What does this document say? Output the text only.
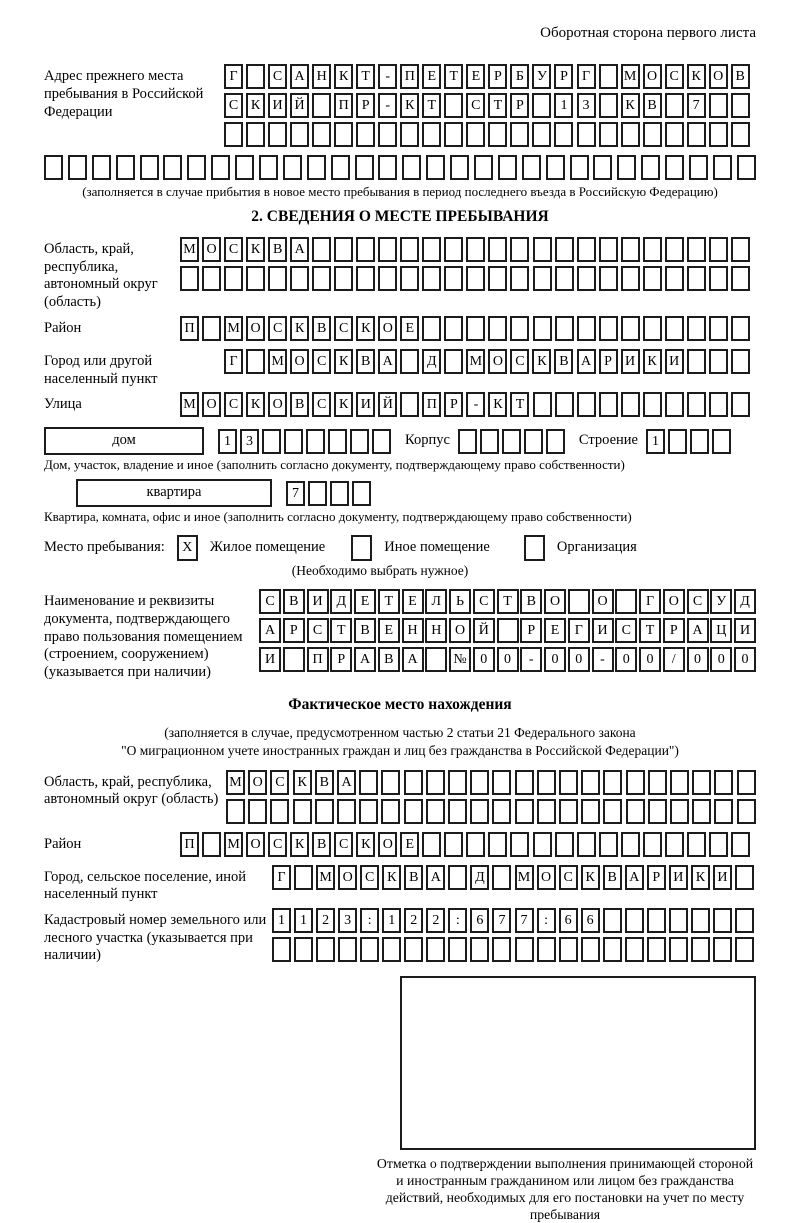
Оборотная сторона первого листа
Адрес прежнего места пребывания в Российской Федерации
Г	С А Н К Т	-	П Е Т Е Р	Б У Р	Г	М О С К О В
С К И Й	П Р	-	К Т	С Т Р	1	3	К В	7
(заполняется в случае прибытия в новое место пребывания в период последнего въезда в Российскую Федерацию)
2. СВЕДЕНИЯ О МЕСТЕ ПРЕБЫВАНИЯ
Область, край, республика, автономный округ (область)
М О С К В А
Район	П	М О С К В С К О Е
Город или другой населенный пункт
Г	М О С К В А	Д	М О С К В А Р И К И
Улица	М О С К О В С К И Й	П Р	-	К Т
дом	1	3	Корпус	Строение	1
Дом, участок, владение и иное (заполнить согласно документу, подтверждающему право собственности)
квартира	7
Квартира, комната, офис и иное (заполнить согласно документу, подтверждающему право собственности)
Место пребывания:	X	Жилое помещение	Иное помещение	Организация
(Необходимо выбрать нужное)
Наименование и реквизиты документа, подтверждающего право пользования помещением (строением, сооружением) (указывается при наличии)
С	В	И Д	Е	Т	Е	Л	Ь	С	Т	В	О	О	Г	О	С	У	Д
А	Р	С	Т	В	Е	Н Н О Й	Р	Е	Г	И	С	Т	Р	А Ц И
И	П	Р	А	В	А	№ 0	0	-	0	0	-	0	0	/	0	0	0
Фактическое место нахождения
(заполняется в случае, предусмотренном частью 2 статьи 21 Федерального закона
"О миграционном учете иностранных граждан и лиц без гражданства в Российской Федерации")
Область, край, республика, автономный округ (область)
М О С К В А
Район	П	М О С К В С К О Е
Город, сельское поселение, иной населенный пункт
Г	М О С К В А	Д	М О С К В А Р И К И
Кадастровый номер земельного или лесного участка (указывается при наличии)
1	1	2	3	:	1	2	2	:	6	7	7	:	6	6
Отметка о подтверждении выполнения принимающей стороной и иностранным гражданином или лицом без гражданства действий, необходимых для его постановки на учет по месту пребывания
